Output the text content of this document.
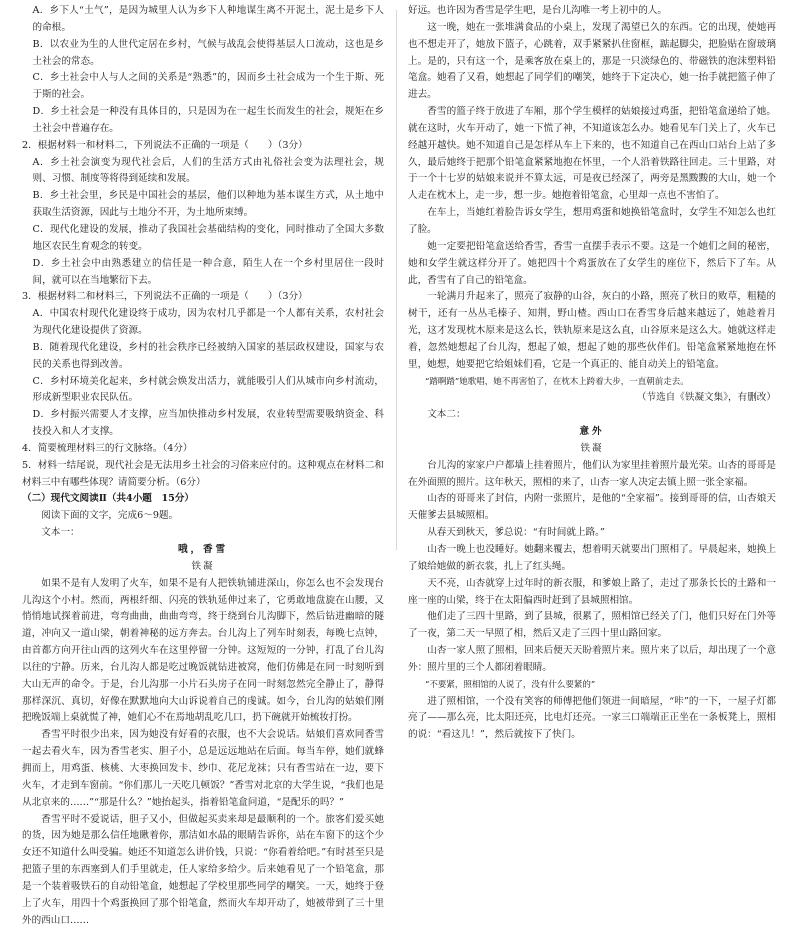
A．乡下人“土气”，是因为城里人认为乡下人种地谋生离不开泥土，泥土是乡下人的命根。

B．以农业为生的人世代定居在乡村，气候与战乱会使得基层人口流动，这也是乡土社会的常态。

C．乡土社会中人与人之间的关系是“熟悉”的，因而乡土社会成为一个生于斯、死于斯的社会。

D．乡土社会是一种没有具体目的，只是因为在一起生长而发生的社会，规矩在乡土社会中普遍存在。

2．根据材料一和材料二，下列说法不正确的一项是（　　）（3分）

A．乡土社会演变为现代社会后，人们的生活方式由礼俗社会变为法理社会，规则、习惯、制度等将得到延续和发展。

B．乡土社会里，乡民是中国社会的基层，他们以种地为基本谋生方式，从土地中获取生活资源，因此与土地分不开，为土地所束缚。

C．现代化建设的发展，推动了我国社会基础结构的变化，同时推动了全国大多数地区农民生育观念的转变。

D．乡土社会中由熟悉建立的信任是一种合意，陌生人在一个乡村里居住一段时间，就可以在当地繁衍下去。

3．根据材料二和材料三，下列说法不正确的一项是（　　）（3分）

A．中国农村现代化建设终于成功，因为农村几乎都是一个人都有关系，农村社会为现代化建设提供了资源。

B．随着现代化建设，乡村的社会秩序已经被纳入国家的基层政权建设，国家与农民的关系也得到改善。

C．乡村环境美化起来，乡村就会焕发出活力，就能吸引人们从城市向乡村流动，形成新型职业农民队伍。

D．乡村振兴需要人才支撑，应当加快推动乡村发展，农业转型需要吸纳资金、科技投入和人才支撑。

4．简要梳理材料三的行文脉络。（4分）

5．材料一结尾说，现代社会是无法用乡土社会的习俗来应付的。这种观点在材料二和材料三中有哪些体现？请简要分析。（6分）

（二）现代文阅读Ⅱ（共4小题　15分）

阅读下面的文字，完成6～9题。

文本一：

哦，香雪

铁凝

如果不是有人发明了火车，如果不是有人把铁轨铺进深山，你怎么也不会发现台儿沟这个小村。然而，两根纤细、闪亮的铁轨延伸过来了，它勇敢地盘旋在山腰，又悄悄地试探着前进，弯弯曲曲，曲曲弯弯，终于绕到台儿沟脚下，然后钻进幽暗的隧道，冲向又一道山梁，朝着神秘的远方奔去。台儿沟上了列车时刻表，每晚七点钟，由首都方向开往山西的这列火车在这里停留一分钟。这短短的一分钟，打乱了台儿沟以往的宁静。历来，台儿沟人都是吃过晚饭就钻进被窝，他们仿佛是在同一时刻听到大山无声的命令。于是，台儿沟那一小片石头房子在同一时刻忽然完全静止了，静得那样深沉、真切，好像在默默地向大山诉说着自己的虔诚。如今，台儿沟的姑娘们刚把晚饭端上桌就慌了神，她们心不在焉地胡乱吃几口，扔下碗就开始梳妆打扮。

香雪平时很少出来，因为她没有好看的衣服，也不大会说话。姑娘们喜欢同香雪一起去看火车，因为香雪老实、胆子小，总是远远地站在后面。每当车停，她们就蜂拥而上，用鸡蛋、核桃、大枣换回发卡、纱巾、花尼龙袜；只有香雪站在一边，要下火车，才走到车窗前。“你们那儿一天吃几顿饭？”香雪对北京的大学生说，“我们也是从北京来的……”“那是什么？”她抬起头，指着铅笔盒问道，“是配乐的吗？”

香雪平时不爱说话，胆子又小，但做起买卖来却是最顺利的一个。旅客们爱买她的货，因为她是那么信任地瞅着你，那洁如水晶的眼睛告诉你，站在车窗下的这个少女还不知道什么叫受骗。她还不知道怎么讲价钱，只说：“你看着给吧。”有时甚至只是把篮子里的东西塞到人们手里就走，任人家给多给少。后来她看见了一个铅笔盒，那是一个装着吸铁石的自动铅笔盒，她想起了学校里那些同学的嘲笑。一天，她终于登上了火车，用四十个鸡蛋换回了那个铅笔盒，然而火车却开动了，她被带到了三十里外的西山口……

好远。也许因为香雪是学生吧，是台儿沟唯一考上初中的人。

这一晚，她在一张堆满食品的小桌上，发现了渴望已久的东西。它的出现，使她再也不想走开了，她放下篮子，心跳着，双手紧紧扒住窗框，踮起脚尖，把脸贴在窗玻璃上。是的，只有这一个，是乘客放在桌上的，那是一只淡绿色的、带磁铁的泡沫塑料铅笔盒。她看了又看，她想起了同学们的嘲笑，她终于下定决心，她一抬手就把篮子伸了进去。

香雪的篮子终于放进了车厢，那个学生模样的姑娘接过鸡蛋，把铅笔盒递给了她。就在这时，火车开动了，她一下慌了神，不知道该怎么办。她看见车门关上了，火车已经越开越快。她不知道自己是怎样从车上下来的，也不知道自己在西山口站台上站了多久，最后她终于把那个铅笔盒紧紧地抱在怀里，一个人沿着铁路往回走。三十里路，对于一个十七岁的姑娘来说并不算太远，可是夜已经深了，两旁是黑黢黢的大山，她一个人走在枕木上，走一步，想一步。她抱着铅笔盒，心里却一点也不害怕了。

在车上，当她红着脸告诉女学生，想用鸡蛋和她换铅笔盒时，女学生不知怎么也红了脸。

她一定要把铅笔盒送给香雪，香雪一直摆手表示不要。这是一个她们之间的秘密，她和女学生就这样分开了。她把四十个鸡蛋放在了女学生的座位下，然后下了车。从此，香雪有了自己的铅笔盒。

一轮满月升起来了，照亮了寂静的山谷，灰白的小路，照亮了秋日的败草，粗糙的树干，还有一丛丛毛榛子、知荆，野山楂。西山口在香雪身后越来越远了，她趁着月光，这才发现枕木原来是这么长，铁轨原来是这么直，山谷原来是这么大。她就这样走着，忽然她想起了台儿沟，想起了娘，想起了她的那些伙伴们。铅笔盒紧紧地抱在怀里，她想，她要把它给姐妹们看，它是一个真正的、能自动关上的铅笔盒。

“踏啊踏”她歌唱，她不再害怕了，在枕木上跨着大步，一直朝前走去。

（节选自《铁凝文集》，有删改）

文本二：

意外

铁凝

台儿沟的家家户户都墙上挂着照片，他们认为家里挂着照片最光荣。山杏的哥哥是在外面照的照片。这年秋天，照相的来了，山杏一家人决定去镇上照一张全家福。

山杏的哥哥来了封信，内附一张照片，是他的“全家福”。接到哥哥的信，山杏娘天天催爹去县城照相。

从春天到秋天，爹总说：“有时间就上路。”

山杏一晚上也没睡好。她翻来覆去，想着明天就要出门照相了。早晨起来，她换上了娘给她做的新衣裳，扎上了红头绳。

天不亮，山杏就穿上过年时的新衣服，和爹娘上路了，走过了那条长长的土路和一座一座的山梁，终于在太阳偏西时赶到了县城照相馆。

他们走了三四十里路，到了县城，很累了，照相馆已经关了门，他们只好在门外等了一夜，第二天一早照了相，然后又走了三四十里山路回家。

山杏一家人照了照相，回来后便天天盼着照片来。照片来了以后，却出现了一个意外：照片里的三个人都闭着眼睛。

“不要紧，照相馆的人说了，没有什么要紧的”

进了照相馆，一个没有笑容的师傅把他们领进一间暗屋，“咔”的一下，一屋子灯都亮了——那么亮，比太阳还亮，比电灯还亮。一家三口端端正正坐在一条板凳上，照相的说：“看这儿！”，然后就按下了快门。
